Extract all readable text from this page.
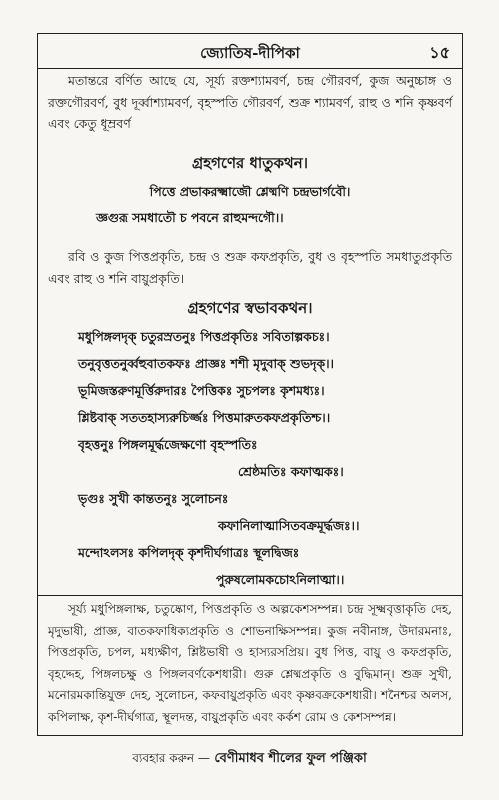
জ্যোতিষ-দীপিকা	১৫
মতান্তরে বর্ণিত আছে যে, সূর্য্য রক্তশ্যামবর্ণ, চন্দ্র গৌরবর্ণ, কুজ অনুচ্চাঙ্গ ও রক্তগৌরবর্ণ, বুধ দূর্ব্বাশ্যামবর্ণ, বৃহস্পতি গৌরবর্ণ, শুক্র শ্যামবর্ণ, রাহু ও শনি কৃষ্ণবর্ণ এবং কেতু ধূম্রবর্ণ
গ্রহগণের ধাতুকথন।
পিত্তে প্রভাকরক্ষ্মাজৌ শ্লেষ্মণি চন্দ্রভার্গবৌ।
জ্ঞগুরূ সমধাতৌ চ পবনে রাহুমন্দগৌ।।
রবি ও কুজ পিত্তপ্রকৃতি, চন্দ্র ও শুক্র কফপ্রকৃতি, বুধ ও বৃহস্পতি সমধাতুপ্রকৃতি এবং রাহু ও শনি বায়ুপ্রকৃতি।
গ্রহগণের স্বভাবকথন।
মধুপিঙ্গলদৃক্ চতুরস্রতনুঃ পিত্তপ্রকৃতিঃ সবিতাল্পকচঃ।
তনুবৃত্ততনুর্ব্বহুবাতকফঃ প্রাজ্ঞঃ শশী মৃদুবাক্ শুভদৃক্।।
ভূমিজস্তরুণমূর্ত্তিরুদারঃ পৈত্তিকঃ সুচপলঃ কৃশমধ্যঃ।
শ্লিষ্টবাক্ সততহাস্যরুচির্জ্জঃ পিত্তমারুতকফপ্রকৃতিশ্চ।।
বৃহত্তনুঃ পিঙ্গলমূর্দ্ধজেক্ষণো বৃহস্পতিঃ
শ্রেষ্ঠমতিঃ কফাত্মকঃ।
ভৃগুঃ সুখী কান্ততনুঃ সুলোচনঃ
কফানিলাত্মাসিতবক্রমূর্দ্ধজঃ।।
মন্দোঽলসঃ কপিলদৃক্ কৃশদীর্ঘগাত্রঃ স্থূলদ্বিজঃ
পুরুষলোমকচোঽনিলাত্মা।।
সূর্য্য মধুপিঙ্গলাক্ষ, চতুষ্কোণ, পিত্তপ্রকৃতি ও অল্পকেশসম্পন্ন। চন্দ্র সূক্ষ্মবৃত্তাকৃতি দেহ, মৃদুভাষী, প্রাজ্ঞ, বাতকফাধিক্যপ্রকৃতি ও শোভনাক্ষিসম্পন্ন। কুজ নবীনাঙ্গ, উদারমনাঃ, পিত্তপ্রকৃতি, চপল, মধ্যক্ষীণ, শ্লিষ্টভাষী ও হাস্যরসপ্রিয়। বুধ পিত্ত, বায়ু ও কফপ্রকৃতি, বৃহদ্দেহ, পিঙ্গলচক্ষু ও পিঙ্গলবর্ণকেশধারী। গুরু শ্লেষ্মপ্রকৃতি ও বুদ্ধিমান্। শুক্র সুখী, মনোরমকান্তিযুক্ত দেহ, সুলোচন, কফবায়ুপ্রকৃতি এবং কৃষ্ণবক্রকেশধারী। শনৈশ্চর অলস, কপিলাক্ষ, কৃশ-দীর্ঘগাত্র, স্থূলদন্ত, বায়ুপ্রকৃতি এবং কর্কশ রোম ও কেশসম্পন্ন।
ব্যবহার করুন — বেণীমাধব শীলের ফুল পঞ্জিকা
